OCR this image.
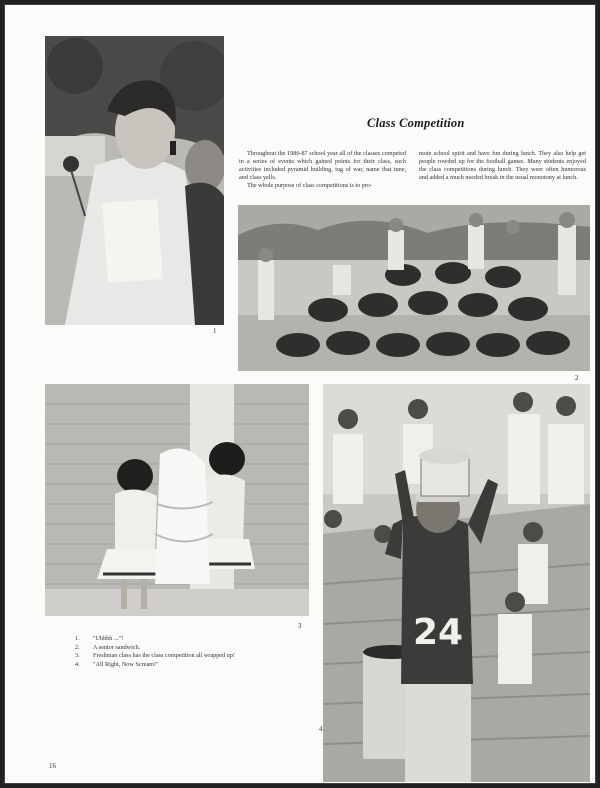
1
Class Competition

Throughout the 1986-87 school year all of the classes competed in a series of events which gained points for their class, such activities included pyramid building, tug of war, name that tune, and class yells.

The whole purpose of class competitions is to pro-

mote school spirit and have fun during lunch. They also help get people rowded up for the football games. Many students enjoyed the class competitions during lunch. They were often humorous and added a much needed break in the usual monotony at lunch.

2
3	24
4
1.	"Uhhhh ..."!
2.	A senior sandwich.
3.	Freshman class has the class competition all wrapped up!
4.	"All Right, Now Scream!"
16
